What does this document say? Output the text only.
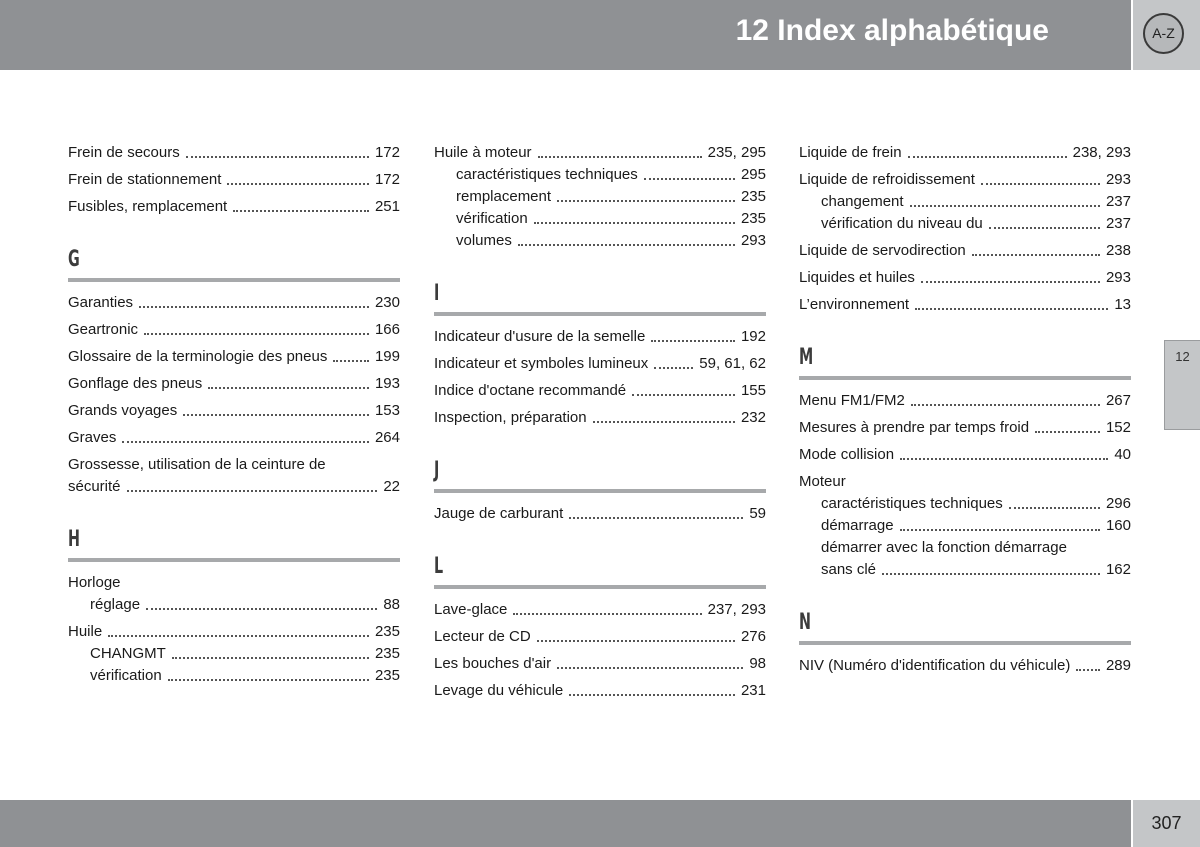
12 Index alphabétique	A-Z
12
Frein de secours	172
Frein de stationnement	172
Fusibles, remplacement	251
G
Garanties	230
Geartronic	166
Glossaire de la terminologie des pneus	199
Gonflage des pneus	193
Grands voyages	153
Graves	264
Grossesse, utilisation de la ceinture de
sécurité	22
H
Horloge
réglage	88
Huile	235
CHANGMT	235
vérification	235
Huile à moteur	235, 295
caractéristiques techniques	295
remplacement	235
vérification	235
volumes	293
I
Indicateur d'usure de la semelle	192
Indicateur et symboles lumineux	59, 61, 62
Indice d'octane recommandé	155
Inspection, préparation	232
J
Jauge de carburant	59
L
Lave-glace	237, 293
Lecteur de CD	276
Les bouches d'air	98
Levage du véhicule	231
Liquide de frein	238, 293
Liquide de refroidissement	293
changement	237
vérification du niveau du	237
Liquide de servodirection	238
Liquides et huiles	293
L’environnement	13
M
Menu FM1/FM2	267
Mesures à prendre par temps froid	152
Mode collision	40
Moteur
caractéristiques techniques	296
démarrage	160
démarrer avec la fonction démarrage
sans clé	162
N
NIV (Numéro d'identification du véhicule) 289
307
